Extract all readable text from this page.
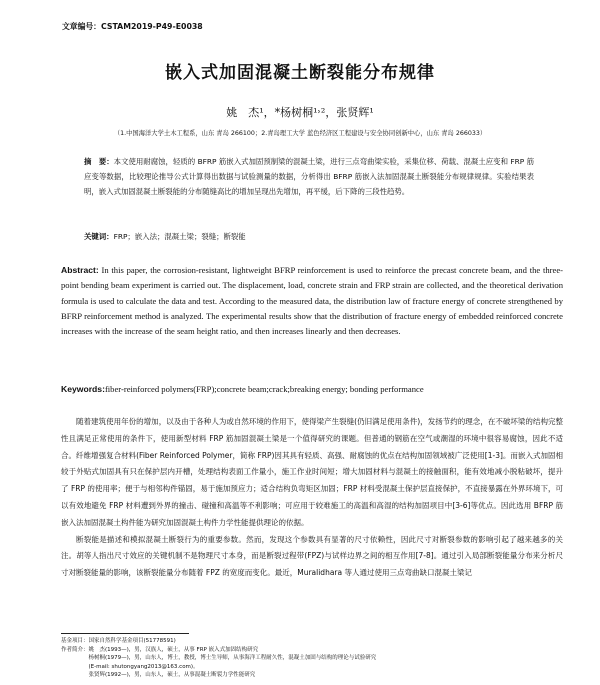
文章编号：CSTAM2019-P49-E0038
嵌入式加固混凝土断裂能分布规律
姚　杰¹，*杨树桐¹˒²，张贤辉¹
（1.中国海洋大学土木工程系，山东 青岛 266100；2.青岛理工大学 蓝色经济区工程建设与安全协同创新中心，山东 青岛 266033）
摘　要：本文使用耐腐蚀，轻质的 BFRP 筋嵌入式加固预制梁的混凝土梁，进行三点弯曲梁实验，采集位移、荷载、混凝土应变和 FRP 筋应变等数据，比较理论推导公式计算得出数据与试验测量的数据，分析得出 BFRP 筋嵌入法加固混凝土断裂能分布规律规律。实验结果表明，嵌入式加固混凝土断裂能的分布随缝高比的增加呈现出先增加，再平缓，后下降的三段性趋势。
关键词：FRP；嵌入法；混凝土梁；裂缝；断裂能
Abstract: In this paper, the corrosion-resistant, lightweight BFRP reinforcement is used to reinforce the precast concrete beam, and the three-point bending beam experiment is carried out. The displacement, load, concrete strain and FRP strain are collected, and the theoretical derivation formula is used to calculate the data and test. According to the measured data, the distribution law of fracture energy of concrete strengthened by BFRP reinforcement method is analyzed. The experimental results show that the distribution of fracture energy of embedded reinforced concrete increases with the increase of the seam height ratio, and then increases linearly and then decreases.
Keywords:fiber-reinforced polymers(FRP);concrete beam;crack;breaking energy; bonding performance

随着建筑使用年份的增加，以及由于各种人为或自然环境的作用下，使得梁产生裂缝(仍旧满足使用条件)，发扬节约的理念，在不破坏梁的结构完整性且满足正常使用的条件下，使用新型材料 FRP 筋加固混凝土梁是一个值得研究的课题。但普通的钢筋在空气或潮湿的环境中很容易腐蚀，因此不适合。纤维增强复合材料(Fiber Reinforced Polymer，简称 FRP)因其具有轻质、高强、耐腐蚀的优点在结构加固领域被广泛使用[1-3]。而嵌入式加固相较于外贴式加固具有只在保护层内开槽，处理结构表面工作量小，施工作业时间短；增大加固材料与混凝土的接触面积，能有效地减小脱粘破坏，提升了 FRP 的使用率；便于与相邻构件锚固，易于施加预应力；适合结构负弯矩区加固；FRP 材料受混凝土保护层直接保护，不直接暴露在外界环境下，可以有效地避免 FRP 材料遭到外界的撞击、碰撞和高温等不利影响；可应用于较难施工的高温和高湿的结构加固项目中[3-6]等优点。因此选用 BFRP 筋嵌入法加固混凝土构件能为研究加固混凝土构件力学性能提供理论的依据。

断裂能是描述和模拟混凝土断裂行为的重要参数。然而，发现这个参数具有显著的尺寸依赖性，因此尺寸对断裂参数的影响引起了越来越多的关注。胡等人指出尺寸效应的关键机制不是物理尺寸本身，而是断裂过程带(FPZ)与试样边界之间的相互作用[7-8]。通过引入局部断裂能量分布来分析尺寸对断裂能量的影响，该断裂能量分布随着 FPZ 的宽度而变化。最近，Muralidhara 等人通过使用三点弯曲缺口混凝土梁记

基金项目：国家自然科学基金项目(51778591)
作者简介：姚　杰(1993—)，男，汉族人，硕士，从事 FRP 嵌入式加固结构研究
　　　　　杨树桐(1979—)，男，山东人，博士，教授，博士生导师，从事海洋工程耐久性，混凝土加固与结构的理论与试验研究
　　　　　(E-mail: shutongyang2013@163.com)。
　　　　　张贤辉(1992—)，男，山东人，硕士，从事混凝土断裂力学性能研究
